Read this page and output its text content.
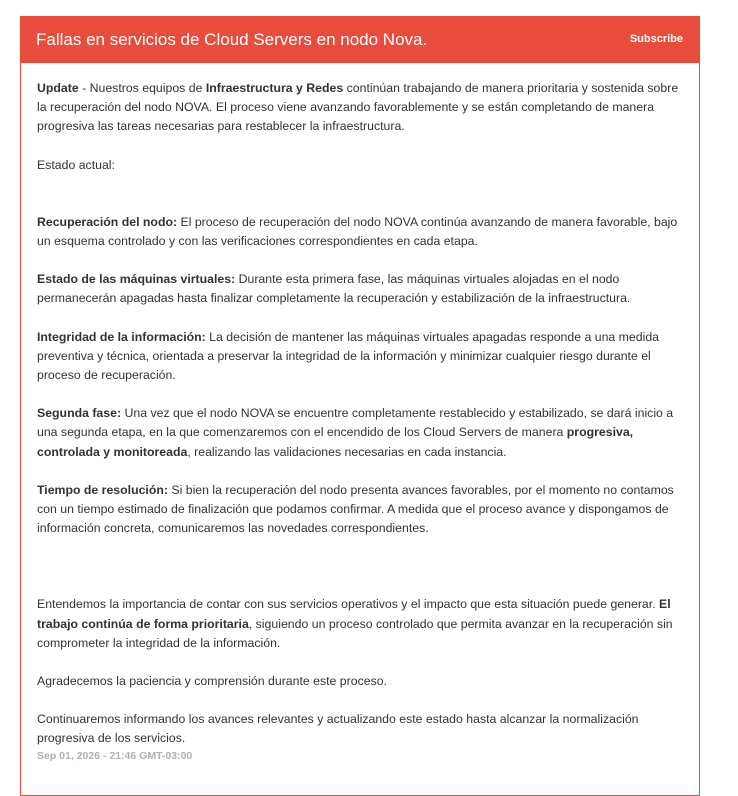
Fallas en servicios de Cloud Servers en nodo Nova.	Subscribe

Update - Nuestros equipos de Infraestructura y Redes continúan trabajando de manera prioritaria y sostenida sobre la recuperación del nodo NOVA. El proceso viene avanzando favorablemente y se están completando de manera progresiva las tareas necesarias para restablecer la infraestructura.

Estado actual:

Recuperación del nodo: El proceso de recuperación del nodo NOVA continúa avanzando de manera favorable, bajo un esquema controlado y con las verificaciones correspondientes en cada etapa.

Estado de las máquinas virtuales: Durante esta primera fase, las máquinas virtuales alojadas en el nodo permanecerán apagadas hasta finalizar completamente la recuperación y estabilización de la infraestructura.

Integridad de la información: La decisión de mantener las máquinas virtuales apagadas responde a una medida preventiva y técnica, orientada a preservar la integridad de la información y minimizar cualquier riesgo durante el proceso de recuperación.

Segunda fase: Una vez que el nodo NOVA se encuentre completamente restablecido y estabilizado, se dará inicio a una segunda etapa, en la que comenzaremos con el encendido de los Cloud Servers de manera progresiva, controlada y monitoreada, realizando las validaciones necesarias en cada instancia.

Tiempo de resolución: Si bien la recuperación del nodo presenta avances favorables, por el momento no contamos con un tiempo estimado de finalización que podamos confirmar. A medida que el proceso avance y dispongamos de información concreta, comunicaremos las novedades correspondientes.

Entendemos la importancia de contar con sus servicios operativos y el impacto que esta situación puede generar. El trabajo continúa de forma prioritaria, siguiendo un proceso controlado que permita avanzar en la recuperación sin comprometer la integridad de la información.

Agradecemos la paciencia y comprensión durante este proceso.

Continuaremos informando los avances relevantes y actualizando este estado hasta alcanzar la normalización progresiva de los servicios.

Sep 01, 2026 - 21:46 GMT-03:00
